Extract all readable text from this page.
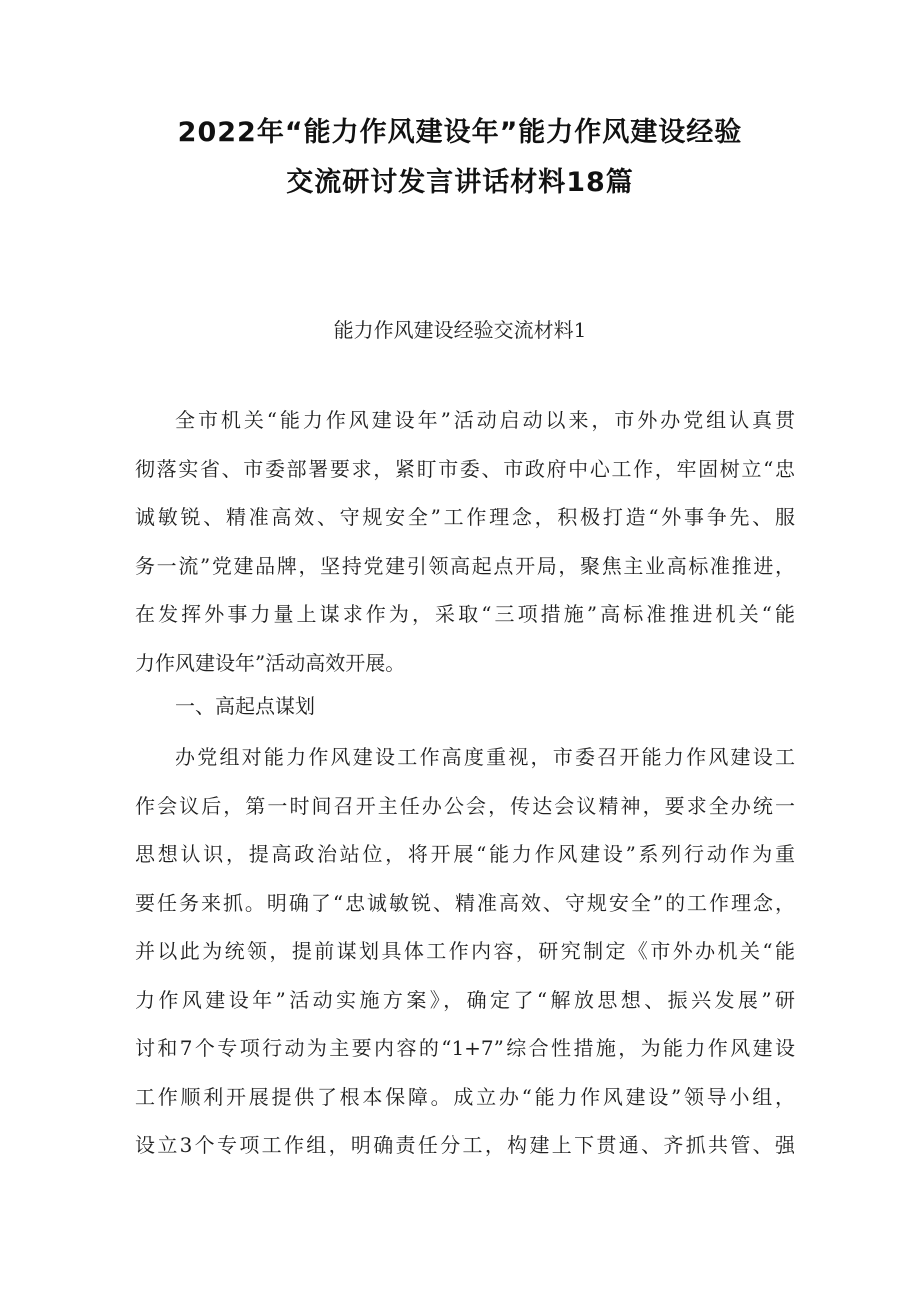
2022年“能力作风建设年”能力作风建设经验
交流研讨发言讲话材料18篇
能力作风建设经验交流材料1
全市机关“能力作风建设年”活动启动以来，市外办党组认真贯
彻落实省、市委部署要求，紧盯市委、市政府中心工作，牢固树立“忠
诚敏锐、精准高效、守规安全”工作理念，积极打造“外事争先、服
务一流”党建品牌，坚持党建引领高起点开局，聚焦主业高标准推进，
在发挥外事力量上谋求作为，采取“三项措施”高标准推进机关“能
力作风建设年”活动高效开展。
一、高起点谋划
办党组对能力作风建设工作高度重视，市委召开能力作风建设工
作会议后，第一时间召开主任办公会，传达会议精神，要求全办统一
思想认识，提高政治站位，将开展“能力作风建设”系列行动作为重
要任务来抓。明确了“忠诚敏锐、精准高效、守规安全”的工作理念，
并以此为统领，提前谋划具体工作内容，研究制定《市外办机关“能
力作风建设年”活动实施方案》，确定了“解放思想、振兴发展”研
讨和7个专项行动为主要内容的“1+7”综合性措施，为能力作风建设
工作顺利开展提供了根本保障。成立办“能力作风建设”领导小组，
设立3个专项工作组，明确责任分工，构建上下贯通、齐抓共管、强
